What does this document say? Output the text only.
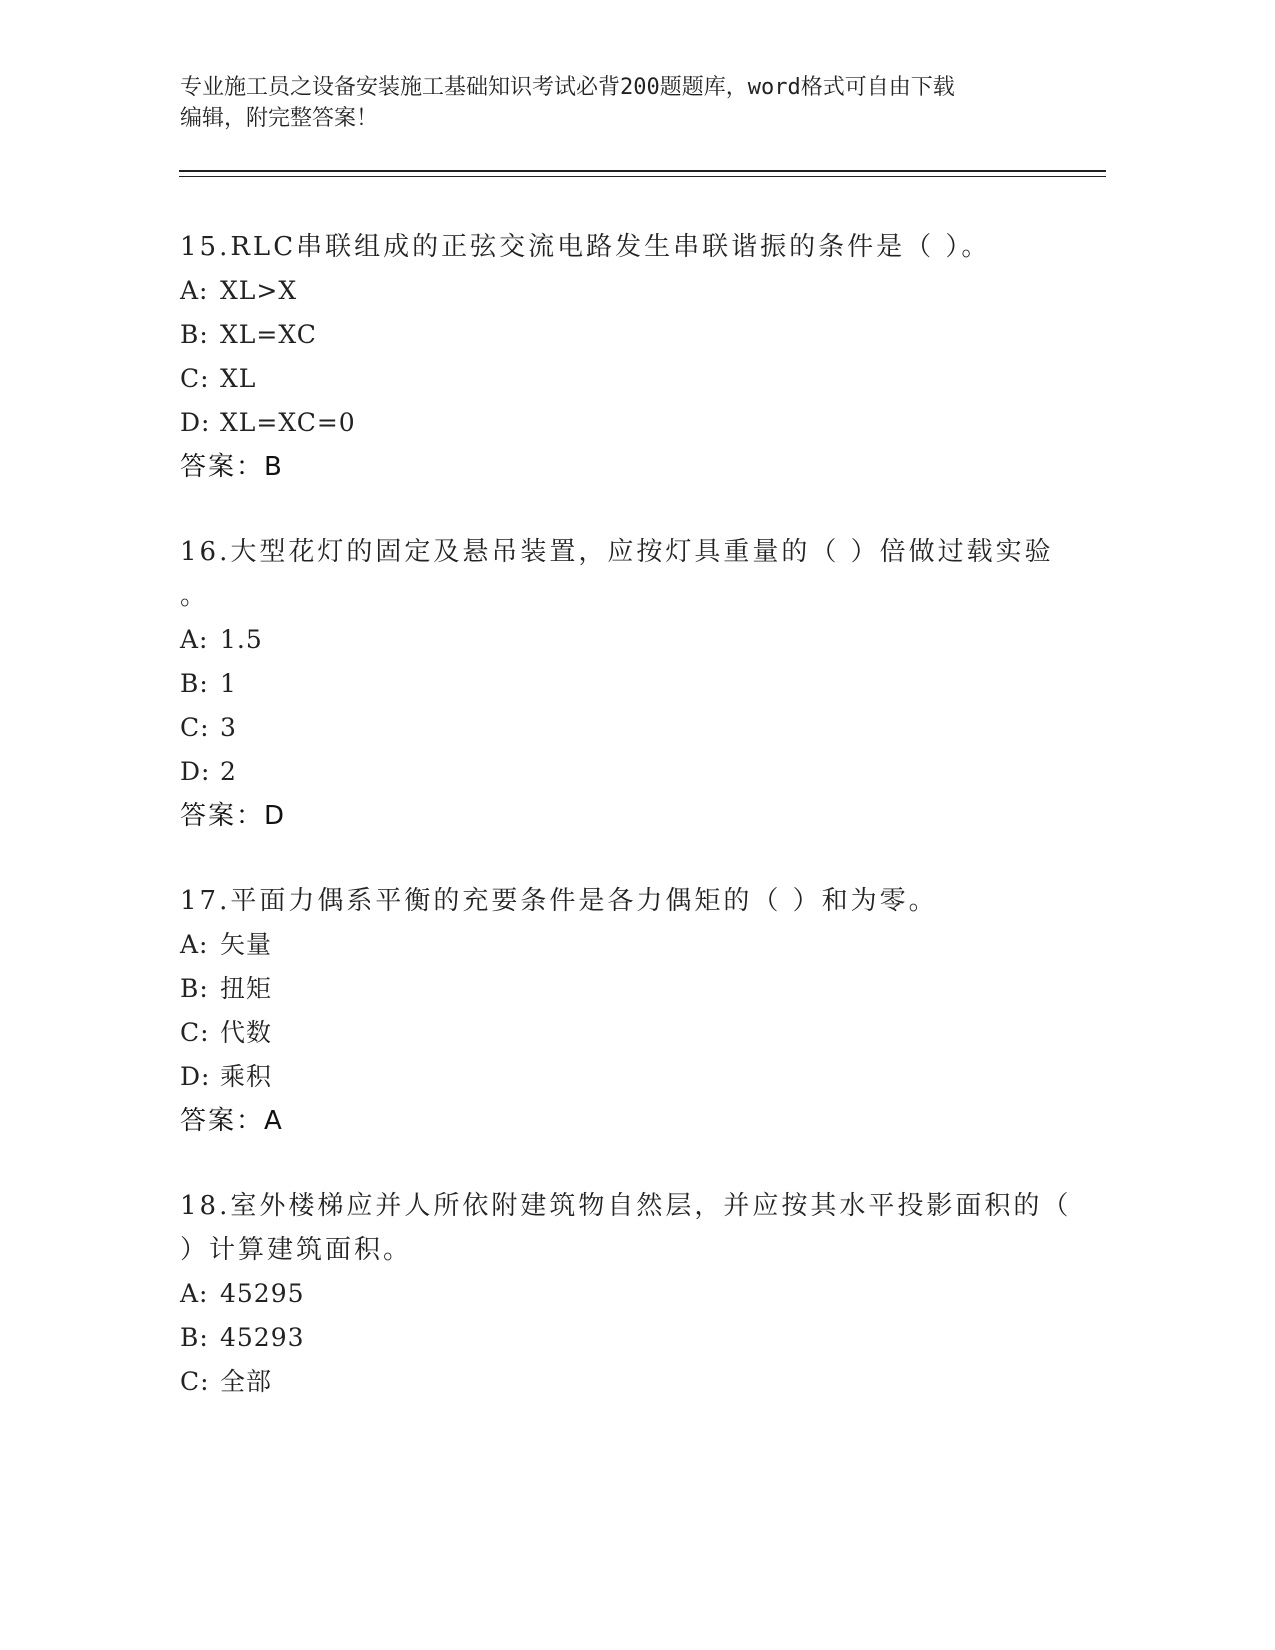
专业施工员之设备安装施工基础知识考试必背200题题库，word格式可自由下载
编辑，附完整答案！
15.RLC串联组成的正弦交流电路发生串联谐振的条件是（ ）。
A: XL>X
B: XL=XC
C: XL
D: XL=XC=0
答案：B
16.大型花灯的固定及悬吊装置，应按灯具重量的（ ）倍做过载实验
。
A: 1.5
B: 1
C: 3
D: 2
答案：D
17.平面力偶系平衡的充要条件是各力偶矩的（ ）和为零。
A: 矢量
B: 扭矩
C: 代数
D: 乘积
答案：A
18.室外楼梯应并人所依附建筑物自然层，并应按其水平投影面积的（
）计算建筑面积。
A: 45295
B: 45293
C: 全部
